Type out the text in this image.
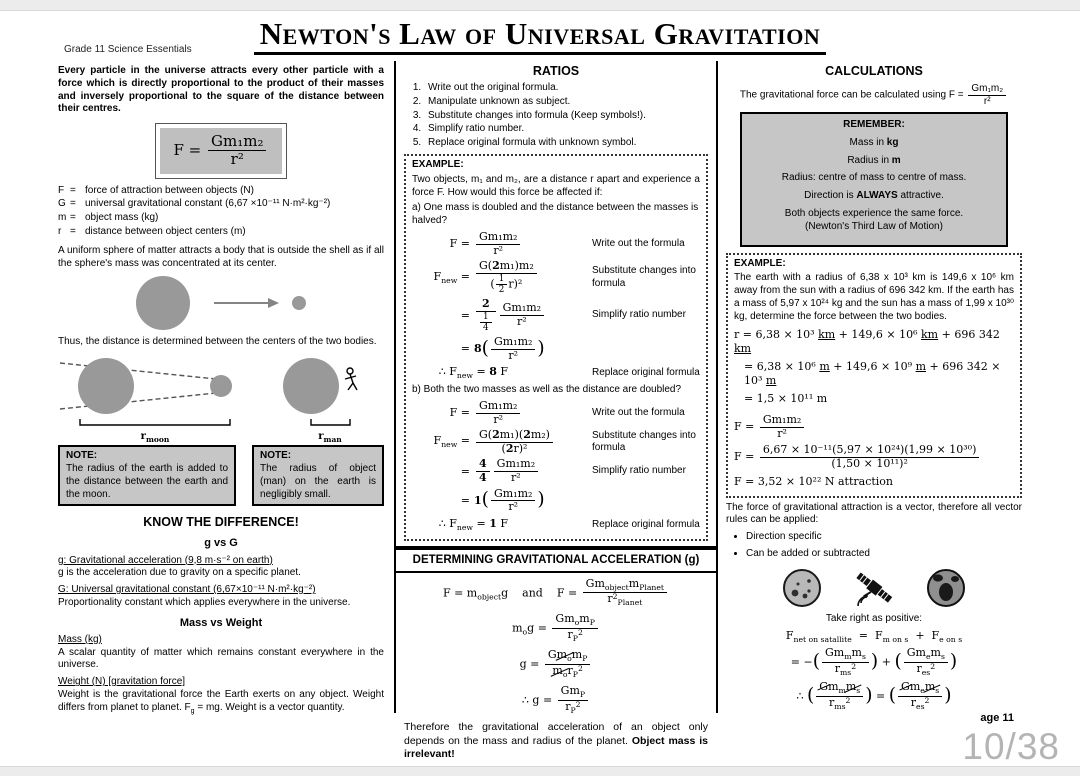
Grade 11 Science Essentials	Newton's Law of Universal Gravitation

Every particle in the universe attracts every other particle with a force which is directly proportional to the product of their masses and inversely proportional to the square of the distance between their centres.

$F = \frac{\text{Gm₁m₂}}{\text{r²}}$
F = force of attraction between objects (N)
G = universal gravitational constant (6,67 ×10⁻¹¹ N·m²·kg⁻²)
m = object mass (kg)
r = distance between object centers (m)

A uniform sphere of matter attracts a body that is outside the shell as if all the sphere's mass was concentrated at its center.

Thus, the distance is determined between the centers of the two bodies.

$r_{moon}$	$r_{man}$
NOTE:
The radius of the earth is added to the distance between the earth and the moon.
NOTE:
The radius of object (man) on the earth is negligibly small.
KNOW THE DIFFERENCE!
g vs G
g: Gravitational acceleration (9,8 m·s⁻² on earth)
g is the acceleration due to gravity on a specific planet.
G: Universal gravitational constant (6,67×10⁻¹¹ N·m²·kg⁻²)
Proportionality constant which applies everywhere in the universe.
Mass vs Weight
Mass (kg)
A scalar quantity of matter which remains constant everywhere in the universe.
Weight (N) [gravitation force]
Weight is the gravitational force the Earth exerts on any object. Weight differs from planet to planet. $F_g$ = mg. Weight is a vector quantity.
RATIOS
1. Write out the original formula.
2. Manipulate unknown as subject.
3. Substitute changes into formula (Keep symbols!).
4. Simplify ratio number.
5. Replace original formula with unknown symbol.
EXAMPLE:

Two objects, m₁ and m₂, are a distance r apart and experience a force F. How would this force be affected if:

a) One mass is doubled and the distance between the masses is halved?

F =
Gm₁m₂
r²
Write out the formula
$F_{new}$ =
G(2m₁)m₂
( $\frac{1}{2} r)^2$
Substitute changes into formula
=
2
$\frac{1}{4}$
Gm₁m₂
r²
Simplify ratio number
= 8 ( Gm₁m₂
r²	)
∴ $F_{new} = 8$ F	Replace original formula

b) Both the two masses as well as the distance are doubled?

F =
Gm₁m₂
r²
Write out the formula
$F_{new} = G(2m_1)(2m_2)$
(2r)²
Substitute changes into formula
=
4
4
Gm₁m₂
r²
Simplify ratio number
= 1 ( Gm₁m₂
r²	)
∴ $F_{new} = 1$ F	Replace original formula
DETERMINING GRAVITATIONAL ACCELERATION (g)
$F = m_{object}g$    and    F =
$Gm_{object}m_{Planet}$
$r^2_{Planet}$
$m_og$ =
$Gm_om_P$
$r_P^2$
g =
$Gm_om_P$
$m_or_P^2$
∴ g =
$Gm_P$
$r_P^2$

Therefore the gravitational acceleration of an object only depends on the mass and radius of the planet. Object mass is irrelevant!

CALCULATIONS

The gravitational force can be calculated using $F = \frac{\text{Gm₁m₂}}{\text{r²}}$

REMEMBER:
Mass in kg
Radius in m
Radius: centre of mass to centre of mass.
Direction is ALWAYS attractive.
Both objects experience the same force.
(Newton's Third Law of Motion)
EXAMPLE:

The earth with a radius of 6,38 x 10³ km is 149,6 x 10⁶ km away from the sun with a radius of 696 342 km. If the earth has a mass of 5,97 x 10²⁴ kg and the sun has a mass of 1,99 x 10³⁰ kg, determine the force between the two bodies.

r = 6,38 × 10³ km + 149,6 × 10⁶ km + 696 342 km
= 6,38 × 10⁶ m + 149,6 × 10⁹ m + 696 342 × 10³ m
= 1,5 × 10¹¹ m
$F = \frac{\text{Gm₁m₂}}{\text{r²}}$
$F = \frac{\text{6,67 × 10⁻¹¹(5,97 × 10²⁴)(1,99 × 10³⁰)}}{\text{(1,50 × 10¹¹)²}}$
F = 3,52 × 10²² N attraction

The force of gravitational attraction is a vector, therefore all vector rules can be applied:

• Direction specific
• Can be added or subtracted
Take right as positive:
$F_{net on satallite} = F_{m on s} + F_{e on s}$
= −( $Gm_mm_s$
$r_{ms}^2$ ) + ( $Gm_em_s$
$r_{es}^2$ )
∴ ( $Gm_mm_s$
$r_{ms}^2$ ) = ( $Gm_em_s$
$r_{es}^2$ )
age 11
10/38
